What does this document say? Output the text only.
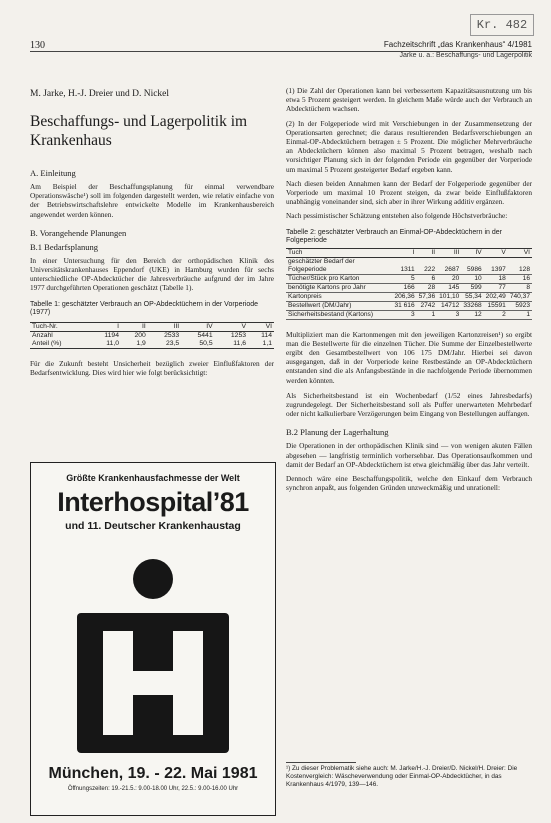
Kr. 482
130	Fachzeitschrift „das Krankenhaus“ 4/1981
Jarke u. a.: Beschaffungs- und Lagerpolitik
M. Jarke, H.-J. Dreier und D. Nickel
Beschaffungs- und Lagerpolitik im Krankenhaus
A. Einleitung

Am Beispiel der Beschaffungsplanung für einmal verwendbare Operationswäsche¹) soll im folgenden dargestellt werden, wie relativ einfache von der Betriebswirtschaftslehre entwickelte Modelle im Krankenhausbereich angewendet werden können.

B. Vorangehende Planungen
B.1 Bedarfsplanung

In einer Untersuchung für den Bereich der orthopädischen Klinik des Universitätskrankenhauses Eppendorf (UKE) in Hamburg wurden für sechs unterschiedliche OP-Abdecktücher die Jahresverbräuche aufgrund der im Jahre 1977 durchgeführten Operationen geschätzt (Tabelle 1).

Tabelle 1: geschätzter Verbrauch an OP-Abdecktüchern in der Vorperiode (1977)
Tuch-Nr.	I	II	III	IV	V	VI
Anzahl	1194	200	2533	5441	1253	114
Anteil (%)	11,0	1,9	23,5	50,5	11,6	1,1

Für die Zukunft besteht Unsicherheit bezüglich zweier Einflußfaktoren der Bedarfsentwicklung. Dies wird hier wie folgt berücksichtigt:

Größte Krankenhausfachmesse der Welt
Interhospital’81
und 11. Deutscher Krankenhaustag
München, 19. - 22. Mai 1981
Öffnungszeiten: 19.-21.5.: 9.00-18.00 Uhr, 22.5.: 9.00-16.00 Uhr

(1) Die Zahl der Operationen kann bei verbessertem Kapazitätsausnutzung um bis etwa 5 Prozent gesteigert werden. In gleichem Maße würde auch der Verbrauch an Abdecktüchern wachsen.

(2) In der Folgeperiode wird mit Verschiebungen in der Zusammensetzung der Operationsarten gerechnet; die daraus resultierenden Bedarfsverschiebungen an Einmal-OP-Abdecktüchern betragen ± 5 Prozent. Die möglicher Mehrverbräuche an Abdecktüchern können also maximal 5 Prozent betragen, weshalb nach vorsichtiger Planung sich in der folgenden Periode ein gegenüber der Vorperiode um maximal 5 Prozent gesteigerter Bedarf ergeben kann.

Nach diesen beiden Annahmen kann der Bedarf der Folgeperiode gegenüber der Vorperiode um maximal 10 Prozent steigen, da zwar beide Einflußfaktoren unabhängig voneinander sind, sich aber in ihrer Wirkung additiv ergänzen.

Nach pessimistischer Schätzung entstehen also folgende Höchstverbräuche:

Tabelle 2: geschätzter Verbrauch an Einmal-OP-Abdecktüchern in der Folgeperiode
Tuch	I	II	III	IV	V	VI
geschätzter Bedarf der Folgeperiode	1311	222	2687	5986	1397	128
Tücher/Stück pro Karton	5	6	20	10	18	16
benötigte Kartons pro Jahr	166	28	145	599	77	8
Kartonpreis	206,36	57,36	101,10	55,34	202,49	740,37
Bestellwert (DM/Jahr)	31 616	2742	14712	33268	15591	5923
Sicherheitsbestand (Kartons)	3	1	3	12	2	1

Multipliziert man die Kartonmengen mit den jeweiligen Kartonzreisen¹) so ergibt man die Bestellwerte für die einzelnen Tücher. Die Summe der Einzelbestellwerte ergibt den Gesamtbestellwert von 106 175 DM/Jahr. Hierbei sei davon ausgegangen, daß in der Vorperiode keine Restbestände an OP-Abdecktüchern entstanden sind die als Anfangsbestände in die nachfolgende Periode übernommen werden könnten.

Als Sicherheitsbestand ist ein Wochenbedarf (1/52 eines Jahresbedarfs) zugrundegelegt. Der Sicherheitsbestand soll als Puffer unerwarteten Mehrbedarf oder nicht kalkulierbare Verzögerungen beim Eingang von Bestellungen auffangen.

B.2 Planung der Lagerhaltung

Die Operationen in der orthopädischen Klinik sind — von wenigen akuten Fällen abgesehen — langfristig terminlich vorhersehbar. Das Operationsaufkommen und damit der Bedarf an OP-Abdecktüchern ist etwa gleichmäßig über das Jahr verteilt.

Dennoch wäre eine Beschaffungspolitik, welche den Einkauf dem Verbrauch synchron anpaßt, aus folgenden Gründen unzweckmäßig und unrationell:

¹) Zu dieser Problematik siehe auch: M. Jarke/H.-J. Dreier/D. Nickel/H. Dreier: Die Kostenvergleich: Wäscheverwendung oder Einmal-OP-Abdecktücher, in das Krankenhaus 4/1979, 139—146.
